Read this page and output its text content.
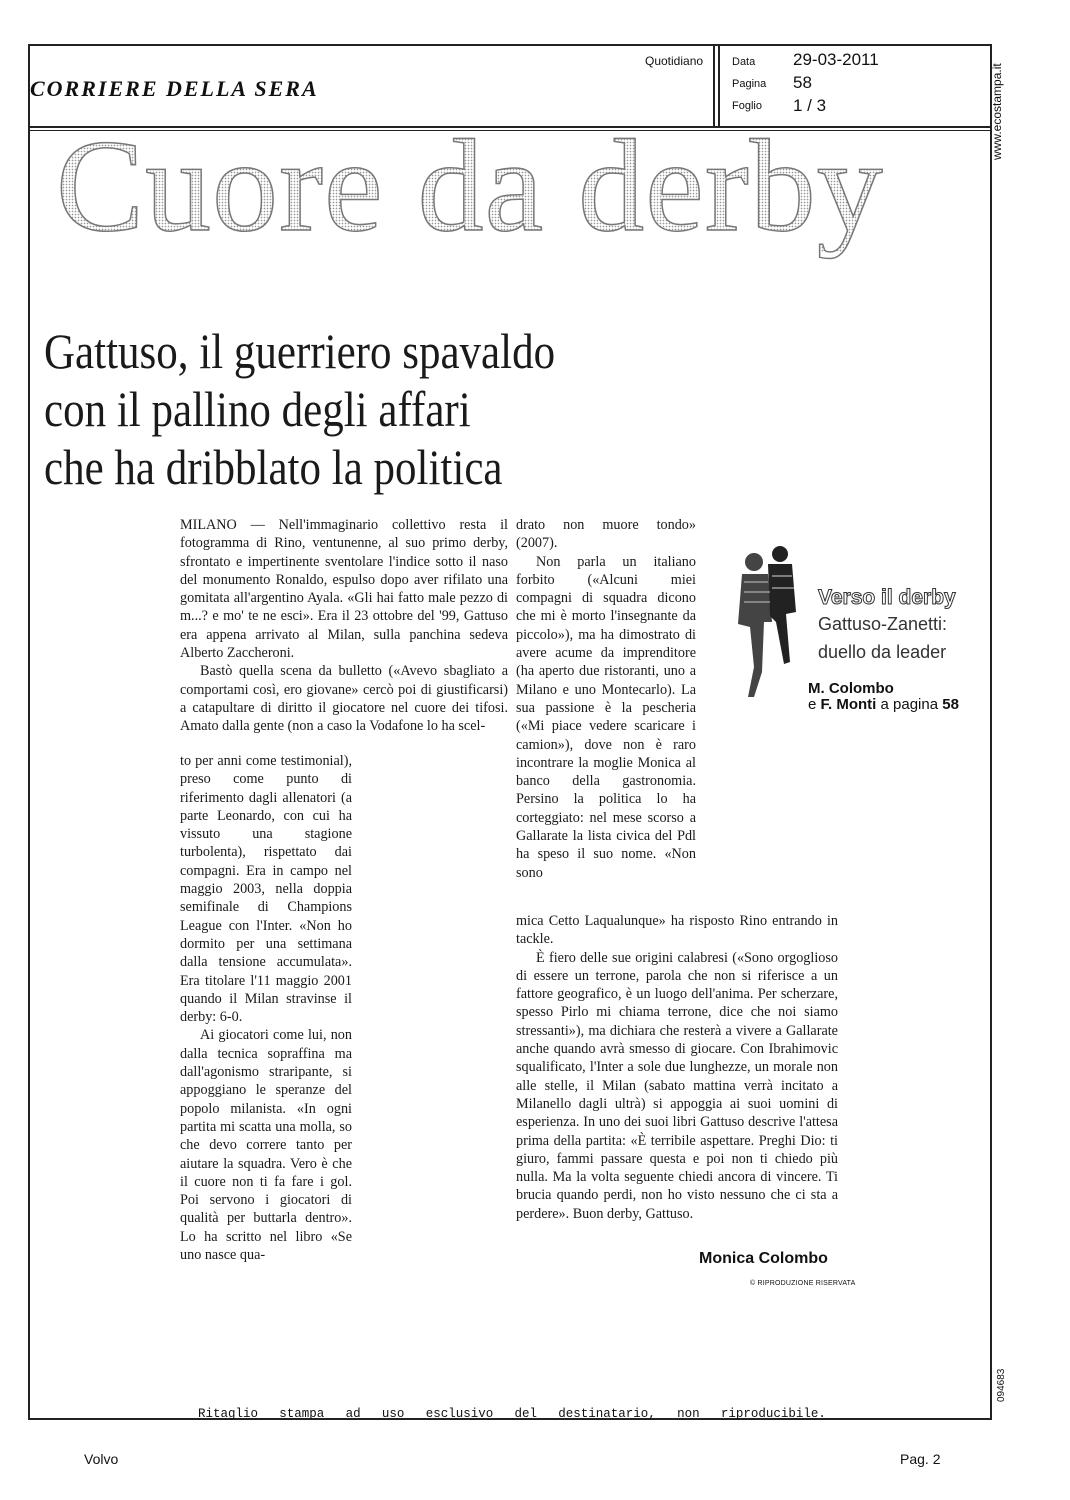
Quotidiano	Data 29-03-2011
Pagina 58
Foglio 1 / 3
CORRIERE DELLA SERA
Cuore da derby
Gattuso, il guerriero spavaldo
con il pallino degli affari
che ha dribblato la politica

MILANO — Nell'immaginario collettivo resta il fotogramma di Rino, ventunenne, al suo primo derby, sfrontato e impertinente sventolare l'indice sotto il naso del monumento Ronaldo, espulso dopo aver rifilato una gomitata all'argentino Ayala. «Gli hai fatto male pezzo di m...? e mo' te ne esci». Era il 23 ottobre del '99, Gattuso era appena arrivato al Milan, sulla panchina sedeva Alberto Zaccheroni.

Bastò quella scena da bulletto («Avevo sbagliato a comportami così, ero giovane» cercò poi di giustificarsi) a catapultare di diritto il giocatore nel cuore dei tifosi. Amato dalla gente (non a caso la Vodafone lo ha scel-

to per anni come testimonial), preso come punto di riferimento dagli allenatori (a parte Leonardo, con cui ha vissuto una stagione turbolenta), rispettato dai compagni. Era in campo nel maggio 2003, nella doppia semifinale di Champions League con l'Inter. «Non ho dormito per una settimana dalla tensione accumulata». Era titolare l'11 maggio 2001 quando il Milan stravinse il derby: 6-0.

Ai giocatori come lui, non dalla tecnica sopraffina ma dall'agonismo straripante, si appoggiano le speranze del popolo milanista. «In ogni partita mi scatta una molla, so che devo correre tanto per aiutare la squadra. Vero è che il cuore non ti fa fare i gol. Poi servono i giocatori di qualità per buttarla dentro». Lo ha scritto nel libro «Se uno nasce qua-

drato non muore tondo» (2007).

Non parla un italiano forbito («Alcuni miei compagni di squadra dicono che mi è morto l'insegnante da piccolo»), ma ha dimostrato di avere acume da imprenditore (ha aperto due ristoranti, uno a Milano e uno Montecarlo). La sua passione è la pescheria («Mi piace vedere scaricare i camion»), dove non è raro incontrare la moglie Monica al banco della gastronomia. Persino la politica lo ha corteggiato: nel mese scorso a Gallarate la lista civica del Pdl ha speso il suo nome. «Non sono

mica Cetto Laqualunque» ha risposto Rino entrando in tackle.

È fiero delle sue origini calabresi («Sono orgoglioso di essere un terrone, parola che non si riferisce a un fattore geografico, è un luogo dell'anima. Per scherzare, spesso Pirlo mi chiama terrone, dice che noi siamo stressanti»), ma dichiara che resterà a vivere a Gallarate anche quando avrà smesso di giocare. Con Ibrahimovic squalificato, l'Inter a sole due lunghezze, un morale non alle stelle, il Milan (sabato mattina verrà incitato a Milanello dagli ultrà) si appoggia ai suoi uomini di esperienza. In uno dei suoi libri Gattuso descrive l'attesa prima della partita: «È terribile aspettare. Preghi Dio: ti giuro, fammi passare questa e poi non ti chiedo più nulla. Ma la volta seguente chiedi ancora di vincere. Ti brucia quando perdi, non ho visto nessuno che ci sta a perdere». Buon derby, Gattuso.

Monica Colombo
© RIPRODUZIONE RISERVATA
Verso il derby
Gattuso-Zanetti:
duello da leader
M. Colombo
e F. Monti a pagina 58
www.ecostampa.it
094683
Ritaglio stampa ad uso esclusivo del destinatario, non riproducibile.
Volvo	Pag. 2
